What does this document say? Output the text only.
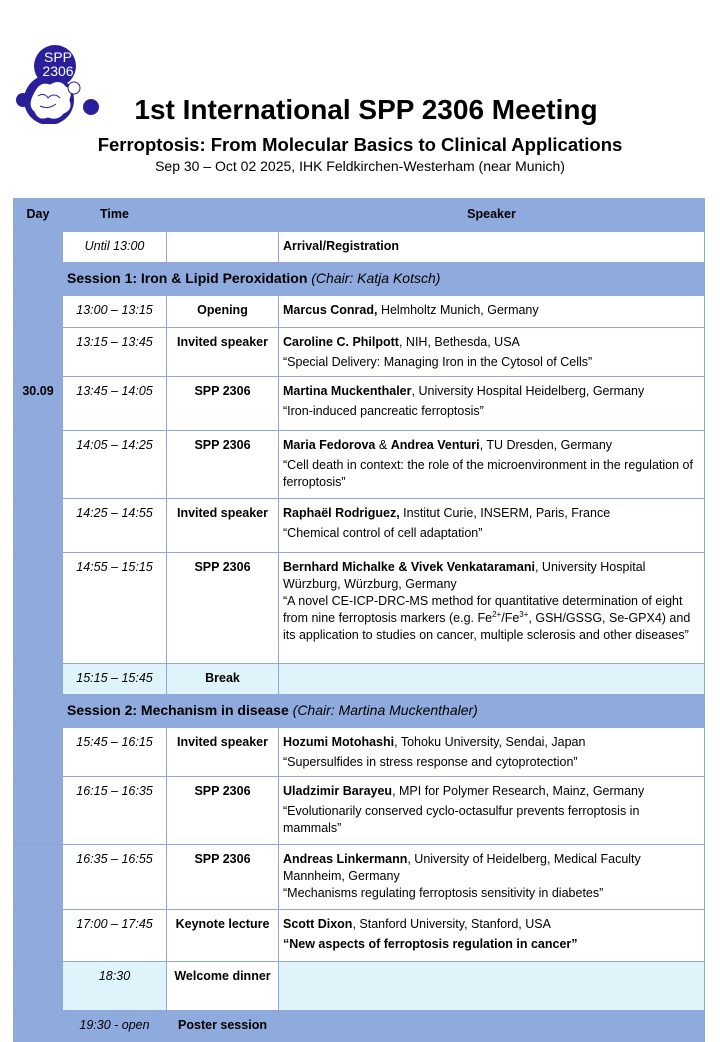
SPP
2306
1st International SPP 2306 Meeting
Ferroptosis: From Molecular Basics to Clinical Applications
Sep 30 – Oct 02 2025, IHK Feldkirchen-Westerham (near Munich)
Day	Time		Speaker
	Until 13:00		Arrival/Registration
	Session 1: Iron & Lipid Peroxidation (Chair: Katja Kotsch)		
	13:00 – 13:15	Opening	Marcus Conrad, Helmholtz Munich, Germany
	13:15 – 13:45	Invited speaker	Caroline C. Philpott, NIH, Bethesda, USA
“Special Delivery: Managing Iron in the Cytosol of Cells”

30.09	13:45 – 14:05	SPP 2306	Martina Muckenthaler, University Hospital Heidelberg, Germany
“Iron-induced pancreatic ferroptosis”

	14:05 – 14:25	SPP 2306	Maria Fedorova & Andrea Venturi, TU Dresden, Germany
“Cell death in context: the role of the microenvironment in the regulation of ferroptosis”

	14:25 – 14:55	Invited speaker	Raphaël Rodriguez, Institut Curie, INSERM, Paris, France
“Chemical control of cell adaptation”

	14:55 – 15:15	SPP 2306	Bernhard Michalke & Vivek Venkataramani, University Hospital Würzburg, Würzburg, Germany
“A novel CE-ICP-DRC-MS method for quantitative determination of eight from nine ferroptosis markers (e.g. $Fe^{2+}/Fe^{3+}$, GSH/GSSG, Se-GPX4) and its application to studies on cancer, multiple sclerosis and other diseases”

	15:15 – 15:45	Break	
	Session 2: Mechanism in disease (Chair: Martina Muckenthaler)		
	15:45 – 16:15	Invited speaker	Hozumi Motohashi, Tohoku University, Sendai, Japan
“Supersulfides in stress response and cytoprotection”

	16:15 – 16:35	SPP 2306	Uladzimir Barayeu, MPI for Polymer Research, Mainz, Germany
“Evolutionarily conserved cyclo-octasulfur prevents ferroptosis in mammals”

	16:35 – 16:55	SPP 2306	Andreas Linkermann, University of Heidelberg, Medical Faculty Mannheim, Germany
“Mechanisms regulating ferroptosis sensitivity in diabetes”

	17:00 – 17:45	Keynote lecture	Scott Dixon, Stanford University, Stanford, USA
“New aspects of ferroptosis regulation in cancer”

	18:30	Welcome dinner	
	19:30 - open	Poster session	
